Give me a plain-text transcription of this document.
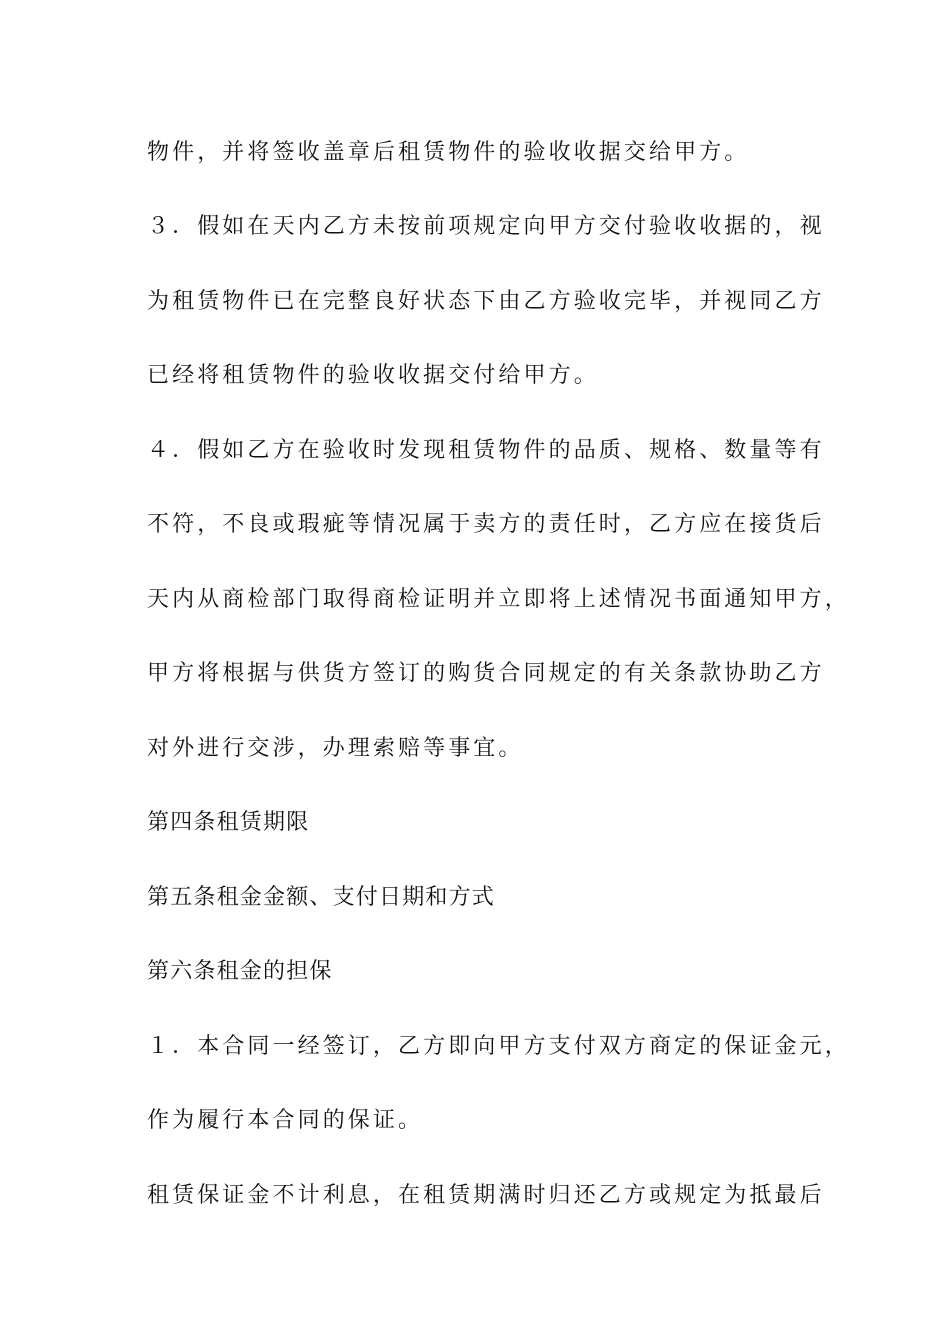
物件，并将签收盖章后租赁物件的验收收据交给甲方。
３．假如在天内乙方未按前项规定向甲方交付验收收据的，视
为租赁物件已在完整良好状态下由乙方验收完毕，并视同乙方
已经将租赁物件的验收收据交付给甲方。
４．假如乙方在验收时发现租赁物件的品质、规格、数量等有
不符，不良或瑕疵等情况属于卖方的责任时，乙方应在接货后
天内从商检部门取得商检证明并立即将上述情况书面通知甲方，
甲方将根据与供货方签订的购货合同规定的有关条款协助乙方
对外进行交涉，办理索赔等事宜。
第四条租赁期限
第五条租金金额、支付日期和方式
第六条租金的担保
１．本合同一经签订，乙方即向甲方支付双方商定的保证金元，
作为履行本合同的保证。
租赁保证金不计利息，在租赁期满时归还乙方或规定为抵最后
